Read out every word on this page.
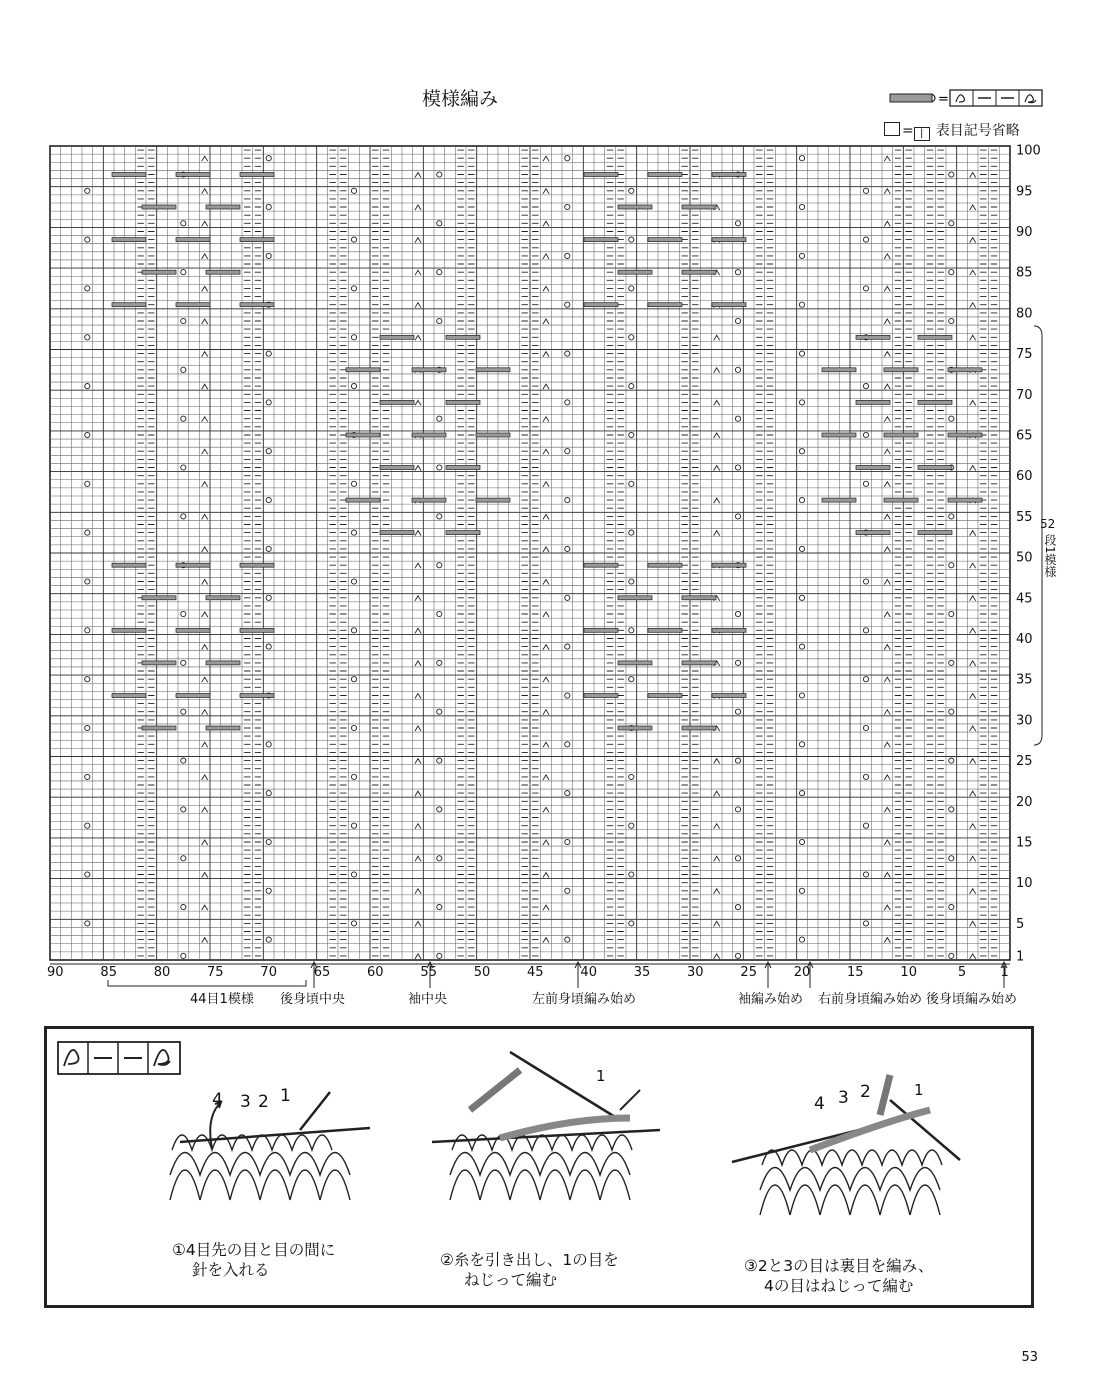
模様編み	=
= | 表目記号省略
1
5
10
15
20
25
30
35
40
45
50
55
60
65
70
75
80
85
90
95
100
90	85	80	75	70	65	60	55	50	45	40	35	30	25	20	15	10	5	1
52
段1模様
44目1模様 後身頃中央	袖中央	左前身頃編み始め	袖編み始め 右前身頃編み始め 後身頃編み始め
4 3 2 1
1
4 3 2	1
①4目先の目と目の間に
針を入れる
②糸を引き出し、1の目を
ねじって編む
③2と3の目は裏目を編み、
4の目はねじって編む
53
